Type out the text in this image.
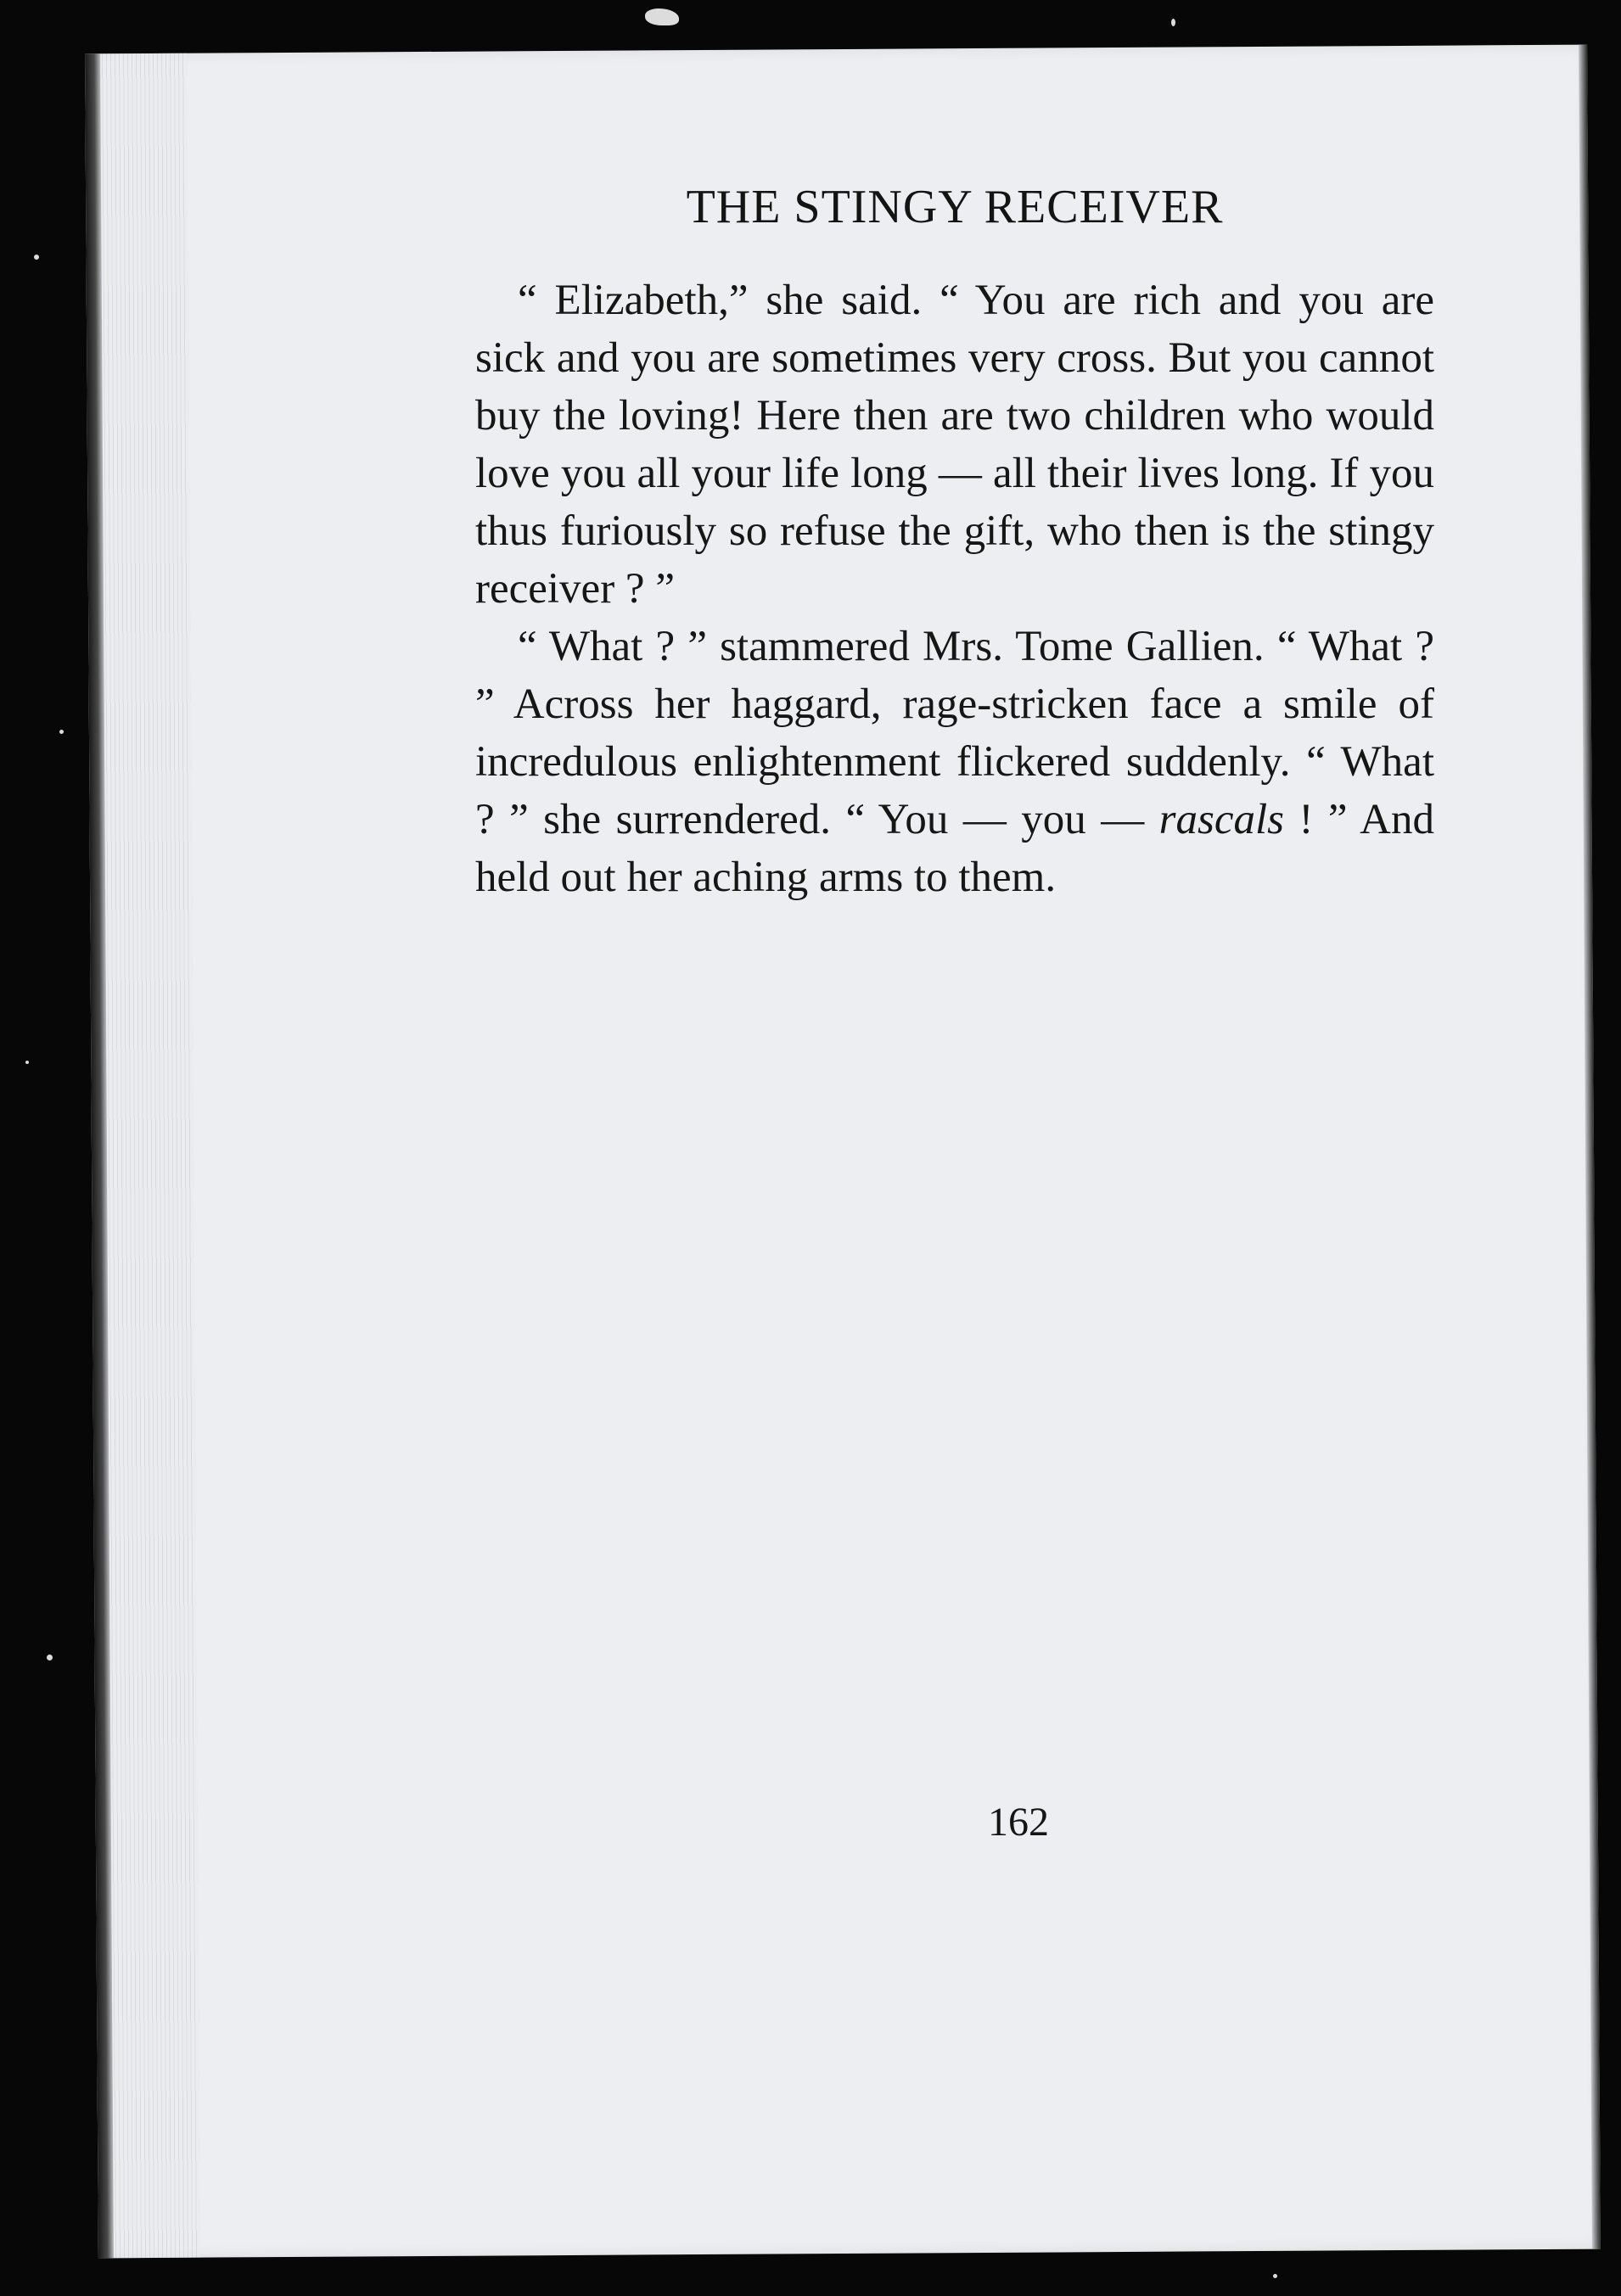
THE STINGY RECEIVER

“ Elizabeth,” she said. “ You are rich and you are sick and you are sometimes very cross. But you cannot buy the loving! Here then are two children who would love you all your life long — all their lives long. If you thus furiously so refuse the gift, who then is the stingy receiver ? ”

“ What ? ” stammered Mrs. Tome Gallien. “ What ? ” Across her haggard, rage-stricken face a smile of incredulous enlightenment flickered suddenly. “ What ? ” she surrendered. “ You — you — rascals ! ” And held out her aching arms to them.

162
